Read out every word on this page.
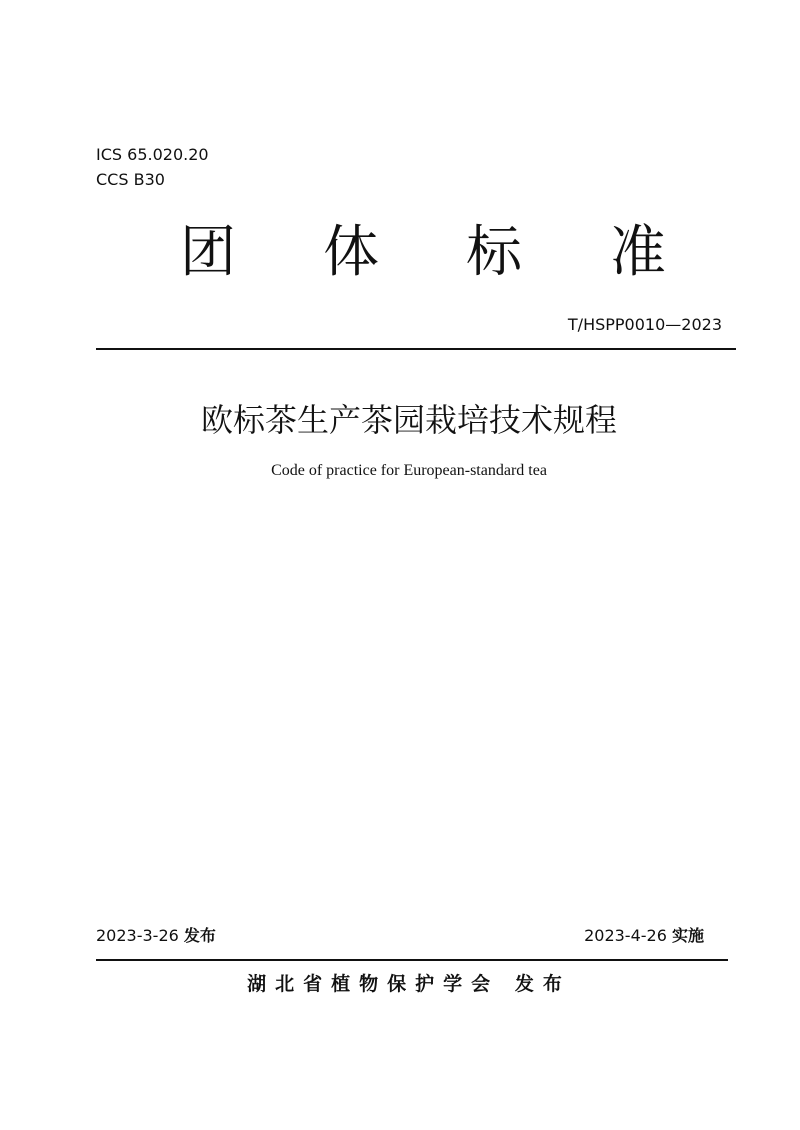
ICS 65.020.20
CCS B30
团	体	标	准
T/HSPP0010—2023
欧标茶生产茶园栽培技术规程
Code of practice for European-standard tea
2023-3-26 发布	2023-4-26 实施
湖北省植物保护学会 发布
